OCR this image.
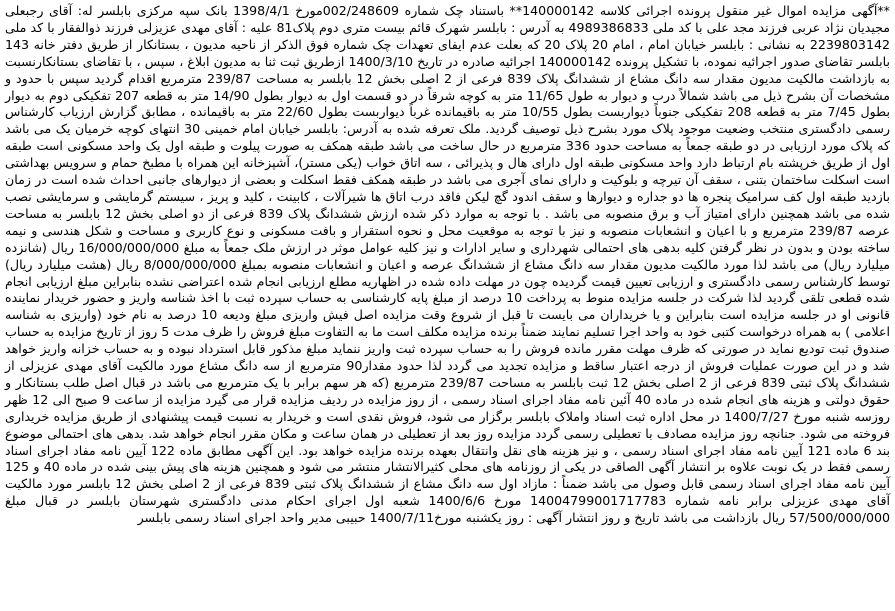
**آگهی مزایده اموال غیر منقول پرونده اجرائی کلاسه 140000142** باستناد چک شماره 002/248609مورخ 1398/4/1 بانک سپه مرکزی بابلسر له: آقای رجبعلی مجیدیان نژاد عربی فرزند مجد علی با کد ملی 4989386833 به آدرس : بابلسر شهرک قائم بیست متری دوم پلاک81 علیه : آقای مهدی عزیزلی فرزند ذوالفقار با کد ملی 2239803142 به نشانی : بابلسر خیابان امام ، امام 20 پلاک 20 که بعلت عدم ایفای تعهدات چک شماره فوق الذکر از ناحیه مدیون ، بستانکار از طریق دفتر خانه 143 بابلسر تقاضای صدور اجرائیه نموده، با تشکیل پرونده 140000142 اجرائیه صادره در تاریخ 1400/3/10 ازطریق ثبت ثنا به مدیون ابلاغ ، سپس ، با تقاضای بستانکارنسبت به بازداشت مالکیت مدیون مقدار سه دانگ مشاع از ششدانگ پلاک 839 فرعی از 2 اصلی بخش 12 بابلسر به مساحت 239/87 مترمربع اقدام گردید سپس با حدود و مشخصات آن بشرح ذیل می باشد شمالاً درب و دیوار به طول 11/65 متر به کوچه شرقاً در دو قسمت اول به دیوار بطول 14/90 متر به قطعه 207 تفکیکی دوم به دیوار بطول 7/45 متر به قطعه 208 تفکیکی جنوباً دیواربست بطول 10/55 متر به باقیمانده غرباً دیواربست بطول 22/60 متر به باقیمانده ، مطابق گزارش ارزیاب کارشناس رسمی دادگستری منتخب وضعیت موجود پلاک مورد بشرح ذیل توصیف گردید. ملک تعرفه شده به آدرس: بابلسر خیابان امام خمینی 30 انتهای کوچه خرمیان یک می باشد که پلاک مورد ارزیابی در دو طبقه جمعاً به مساحت حدود 336 مترمربع در حال ساخت می باشد طبقه همکف به صورت پیلوت و طبقه اول یک واحد مسکونی است طبقه اول از طریق خرپشته بام ارتباط دارد واحد مسکونی طبقه اول دارای هال و پذیرائی ، سه اتاق خواب (یکی مستر)، آشپزخانه این همراه با مطبخ حمام و سرویس بهداشتی است اسکلت ساختمان بتنی ، سقف آن تیرچه و بلوکیت و دارای نمای آجری می باشد در طبقه همکف فقط اسکلت و بعضی از دیوارهای جانبی احداث شده است در زمان بازدید طبقه اول کف سرامیک پنجره ها دو جداره و دیوارها و سقف اندود گچ لیکن فاقد درب اتاق ها شیرآلات ، کابینت ، کلید و پریز ، سیستم گرمایشی و سرمایشی نصب شده می باشد همچنین دارای امتیاز آب و برق منصوبه می باشد . با توجه به موارد ذکر شده ارزش ششدانگ پلاک 839 فرعی از دو اصلی بخش 12 بابلسر به مساحت عرصه 239/87 مترمربع و با اعیان و انشعابات منصوبه و نیز با توجه به موقعیت محل و نحوه استقرار و بافت مسکونی و نوع کاربری و مساحت و شکل هندسی و نیمه ساخته بودن و بدون در نظر گرفتن کلیه بدهی های احتمالی شهرداری و سایر ادارات و نیز کلیه عوامل موثر در ارزش ملک جمعاً به مبلغ 16/000/000/000 ریال (شانزده میلیارد ریال) می باشد لذا مورد مالکیت مدیون مقدار سه دانگ مشاع از ششدانگ عرصه و اعیان و انشعابات منصوبه بمبلغ 8/000/000/000 ریال (هشت میلیارد ریال) توسط کارشناس رسمی دادگستری و ارزیابی تعیین قیمت گردیده چون در مهلت داده شده در اظهاریه مطلع ارزیابی انجام شده اعتراضی نشده بنابراین مبلغ ارزیابی انجام شده قطعی تلقی گردید لذا شرکت در جلسه مزایده منوط به پرداخت 10 درصد از مبلغ پایه کارشناسی به حساب سپرده ثبت با اخذ شناسه واریز و حضور خریدار نماینده قانونی او در جلسه مزایده است بنابراین و یا خریداران می بایست تا قبل از شروع وقت مزایده اصل فیش واریزی مبلغ ودیعه 10 درصد به نام خود (واریزی به شناسه اعلامی ) به همراه درخواست کتبی خود به واحد اجرا تسلیم نمایند ضمناً برنده مزایده مکلف است ما به التفاوت مبلغ فروش را ظرف مدت 5 روز از تاریخ مزایده به حساب صندوق ثبت تودیع نماید در صورتی که ظرف مهلت مقرر مانده فروش را به حساب سپرده ثبت واریز ننماید مبلغ مذکور قابل استرداد نبوده و به حساب خزانه واریز خواهد شد و در این صورت عملیات فروش از درجه اعتبار ساقط و مزایده تجدید می گردد لذا حدود مقدار90 مترمربع از سه دانگ مشاع مورد مالکیت آقای مهدی عزیزلی از ششدانگ پلاک ثبتی 839 فرعی از 2 اصلی بخش 12 ثبت بابلسر به مساحت 239/87 مترمربع (که هر سهم برابر با یک مترمربع می باشد در قبال اصل طلب بستانکار و حقوق دولتی و هزینه های انجام شده در ماده 40 آئین نامه مفاد اجرای اسناد رسمی ، از روز مزایده در ردیف مزایده قرار می گیرد مزایده از ساعت 9 صبح الی 12 ظهر روزسه شنبه مورخ 1400/7/27 در محل اداره ثبت اسناد واملاک بابلسر برگزار می شود، فروش نقدی است و خریدار به نسبت قیمت پیشنهادی از طریق مزایده خریداری فروخته می شود. جنانچه روز مزایده مصادف با تعطیلی رسمی گردد مزایده روز بعد از تعطیلی در همان ساعت و مکان مقرر انجام خواهد شد. بدهی های احتمالی موضوع بند 6 ماده 121 آیین نامه مفاد اجرای اسناد رسمی ، و نیز هزینه های نقل وانتقال بعهده برنده مزایده خواهد بود. این آگهی مطابق ماده 122 آیین نامه مفاد اجرای اسناد رسمی فقط در یک نوبت علاوه بر انتشار آگهی الصاقی در یکی از روزنامه های محلی کثیرالانتشار منتشر می شود و همچنین هزینه های پیش بینی شده در ماده 40 و 125 آیین نامه مفاد اجرای اسناد رسمی قابل وصول می باشد ضمناً : مازاد اول سه دانگ مشاع از ششدانگ پلاک ثبتی 839 فرعی از 2 اصلی بخش 12 بابلسر مورد مالکیت آقای مهدی عزیزلی برابر نامه شماره 14004799001717783 مورخ 1400/6/6 شعبه اول اجرای احکام مدنی دادگستری شهرستان بابلسر در قبال مبلغ 57/500/000/000 ریال بازداشت می باشد تاریخ و روز انتشار آگهی : روز یکشنبه مورخ1400/7/11 حبیبی مدیر واحد اجرای اسناد رسمی بابلسر
